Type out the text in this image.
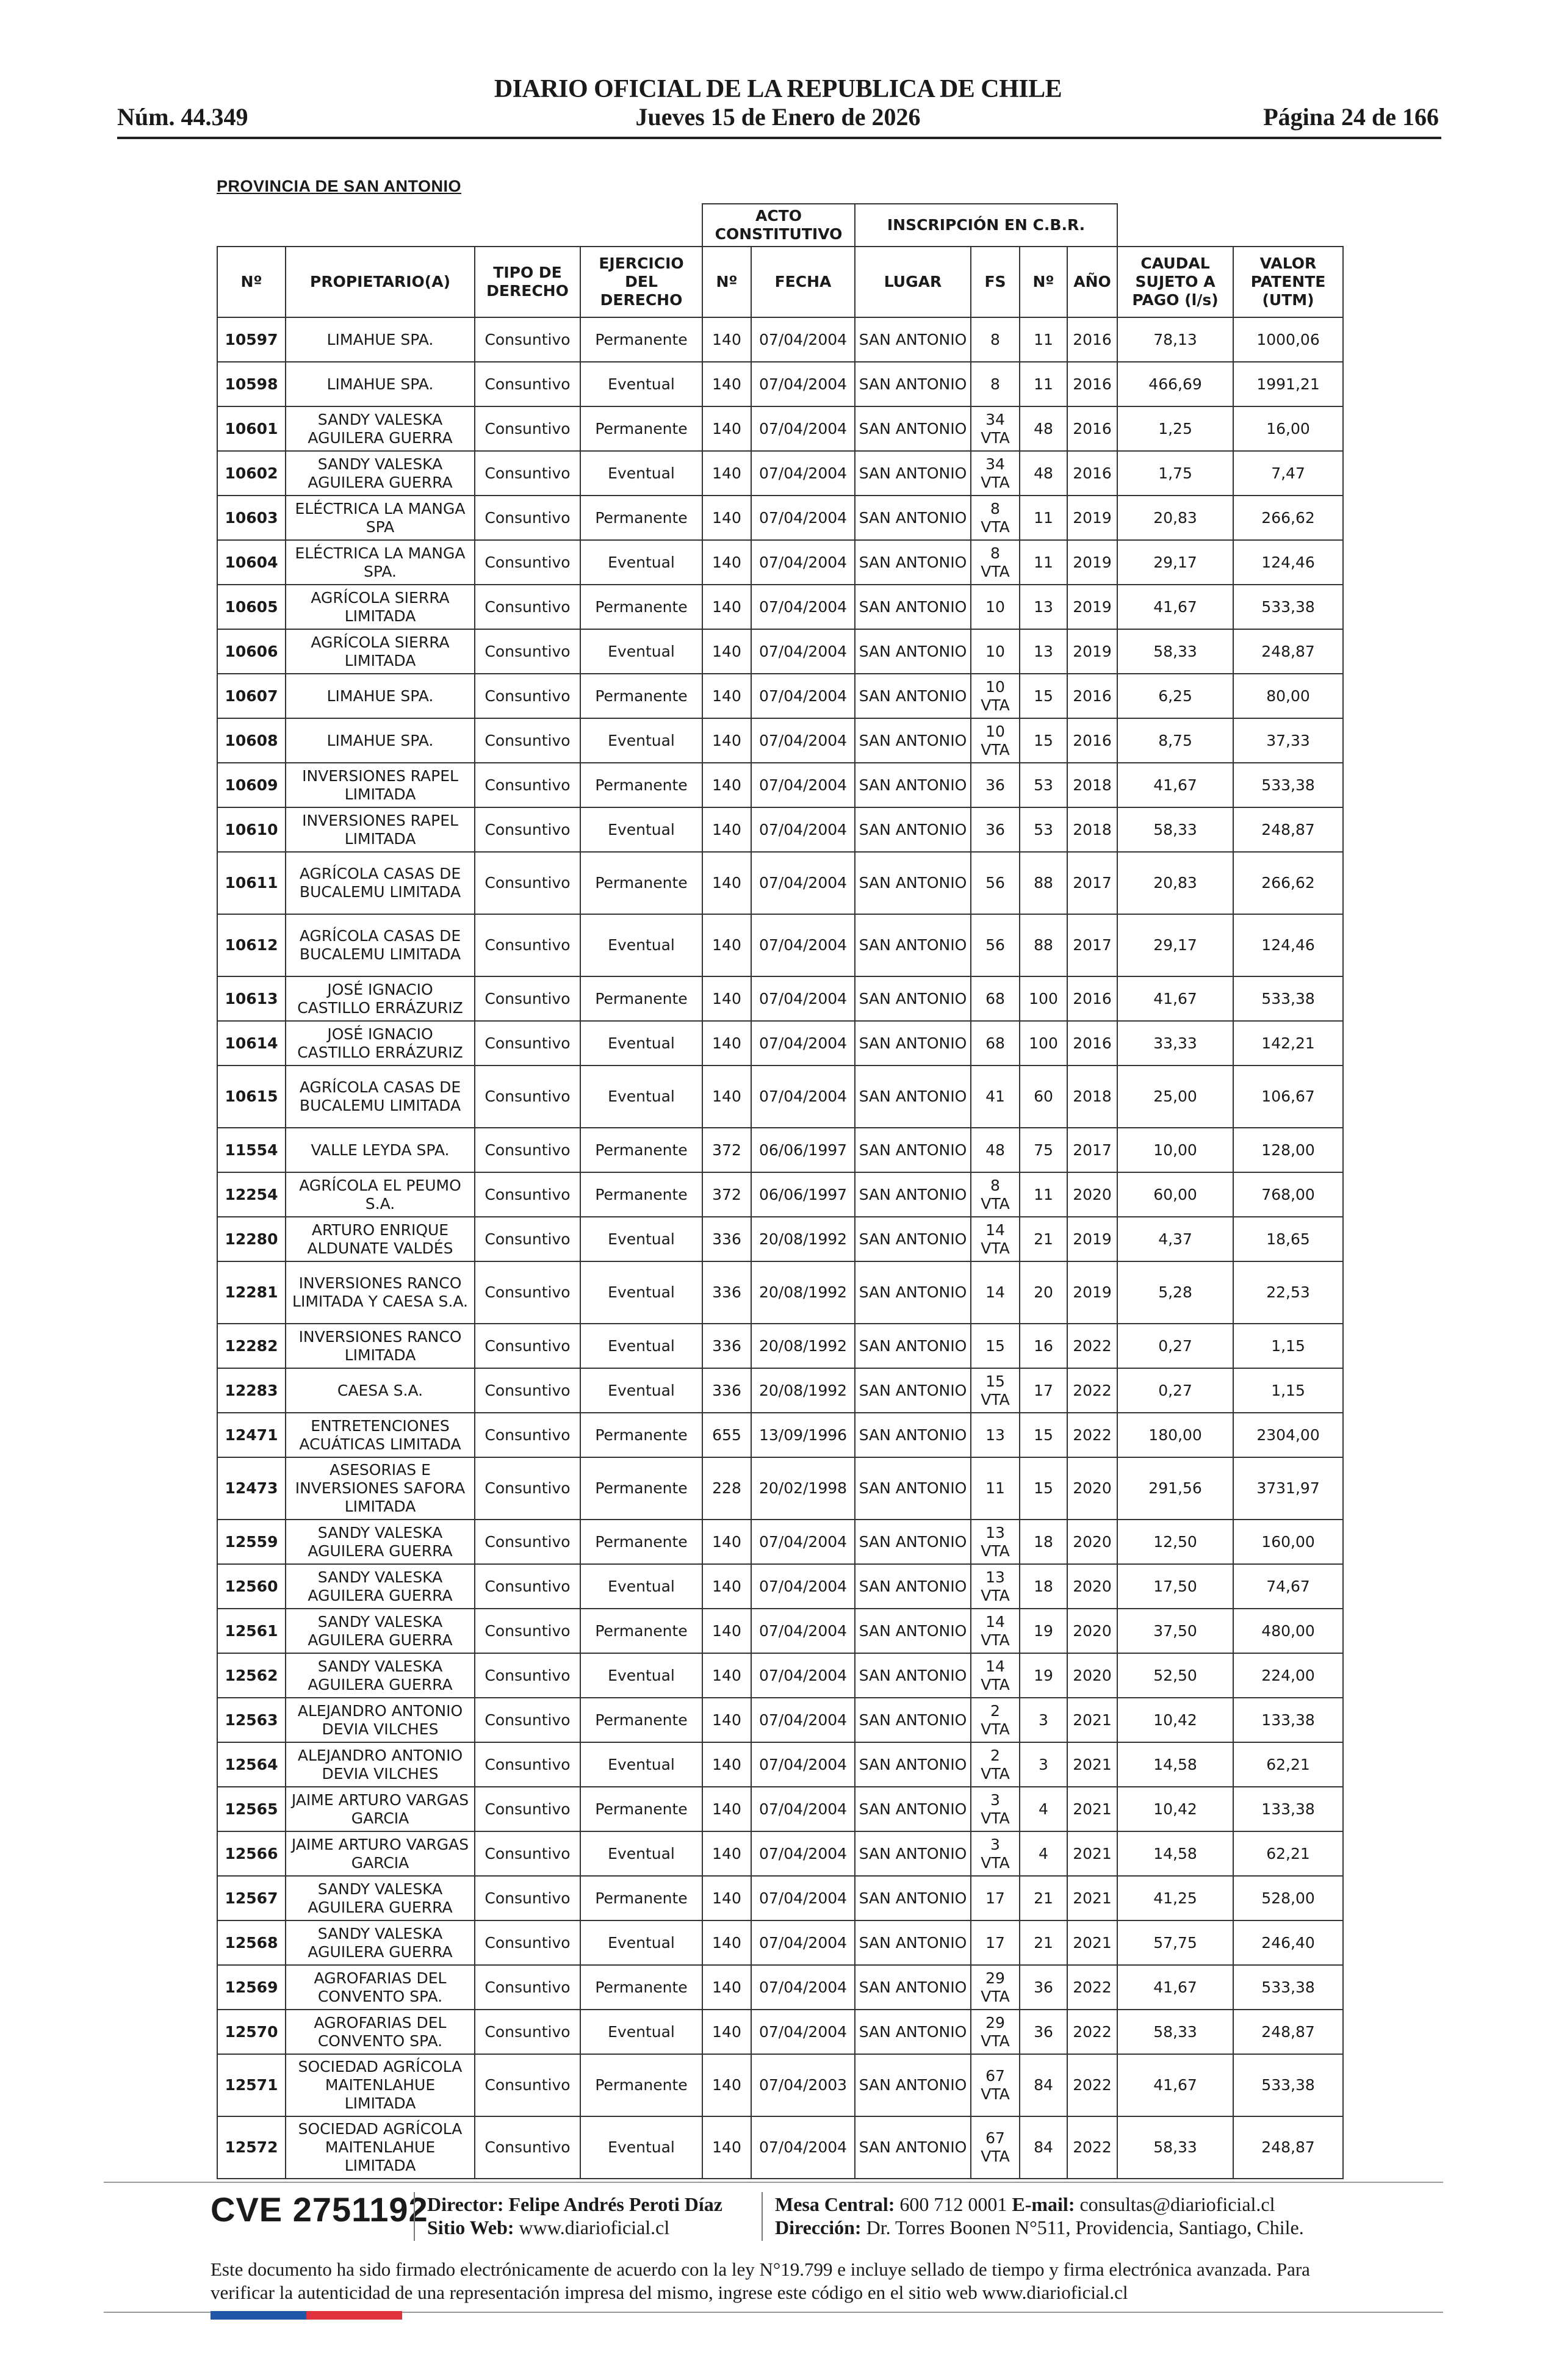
DIARIO OFICIAL DE LA REPUBLICA DE CHILE
Núm. 44.349	Jueves 15 de Enero de 2026	Página 24 de 166
PROVINCIA DE SAN ANTONIO
				ACTO CONSTITUTIVO		INSCRIPCIÓN EN C.B.R.					
Nº	PROPIETARIO(A)	TIPO DE DERECHO	EJERCICIO DEL DERECHO	Nº	FECHA	LUGAR	FS	Nº	AÑO	CAUDAL SUJETO A PAGO (l/s)	VALOR PATENTE (UTM)
10597	LIMAHUE SPA.	Consuntivo	Permanente	140	07/04/2004	SAN ANTONIO	8	11	2016	78,13	1000,06
10598	LIMAHUE SPA.	Consuntivo	Eventual	140	07/04/2004	SAN ANTONIO	8	11	2016	466,69	1991,21
10601	SANDY VALESKA AGUILERA GUERRA	Consuntivo	Permanente	140	07/04/2004	SAN ANTONIO	34 VTA	48	2016	1,25	16,00
10602	SANDY VALESKA AGUILERA GUERRA	Consuntivo	Eventual	140	07/04/2004	SAN ANTONIO	34 VTA	48	2016	1,75	7,47
10603	ELÉCTRICA LA MANGA SPA	Consuntivo	Permanente	140	07/04/2004	SAN ANTONIO	8 VTA	11	2019	20,83	266,62
10604	ELÉCTRICA LA MANGA SPA.	Consuntivo	Eventual	140	07/04/2004	SAN ANTONIO	8 VTA	11	2019	29,17	124,46
10605	AGRÍCOLA SIERRA LIMITADA	Consuntivo	Permanente	140	07/04/2004	SAN ANTONIO	10	13	2019	41,67	533,38
10606	AGRÍCOLA SIERRA LIMITADA	Consuntivo	Eventual	140	07/04/2004	SAN ANTONIO	10	13	2019	58,33	248,87
10607	LIMAHUE SPA.	Consuntivo	Permanente	140	07/04/2004	SAN ANTONIO	10 VTA	15	2016	6,25	80,00
10608	LIMAHUE SPA.	Consuntivo	Eventual	140	07/04/2004	SAN ANTONIO	10 VTA	15	2016	8,75	37,33
10609	INVERSIONES RAPEL LIMITADA	Consuntivo	Permanente	140	07/04/2004	SAN ANTONIO	36	53	2018	41,67	533,38
10610	INVERSIONES RAPEL LIMITADA	Consuntivo	Eventual	140	07/04/2004	SAN ANTONIO	36	53	2018	58,33	248,87
10611	AGRÍCOLA CASAS DE BUCALEMU LIMITADA	Consuntivo	Permanente	140	07/04/2004	SAN ANTONIO	56	88	2017	20,83	266,62
10612	AGRÍCOLA CASAS DE BUCALEMU LIMITADA	Consuntivo	Eventual	140	07/04/2004	SAN ANTONIO	56	88	2017	29,17	124,46
10613	JOSÉ IGNACIO CASTILLO ERRÁZURIZ	Consuntivo	Permanente	140	07/04/2004	SAN ANTONIO	68	100	2016	41,67	533,38
10614	JOSÉ IGNACIO CASTILLO ERRÁZURIZ	Consuntivo	Eventual	140	07/04/2004	SAN ANTONIO	68	100	2016	33,33	142,21
10615	AGRÍCOLA CASAS DE BUCALEMU LIMITADA	Consuntivo	Eventual	140	07/04/2004	SAN ANTONIO	41	60	2018	25,00	106,67
11554	VALLE LEYDA SPA.	Consuntivo	Permanente	372	06/06/1997	SAN ANTONIO	48	75	2017	10,00	128,00
12254	AGRÍCOLA EL PEUMO S.A.	Consuntivo	Permanente	372	06/06/1997	SAN ANTONIO	8 VTA	11	2020	60,00	768,00
12280	ARTURO ENRIQUE ALDUNATE VALDÉS	Consuntivo	Eventual	336	20/08/1992	SAN ANTONIO	14 VTA	21	2019	4,37	18,65
12281	INVERSIONES RANCO LIMITADA Y CAESA S.A.	Consuntivo	Eventual	336	20/08/1992	SAN ANTONIO	14	20	2019	5,28	22,53
12282	INVERSIONES RANCO LIMITADA	Consuntivo	Eventual	336	20/08/1992	SAN ANTONIO	15	16	2022	0,27	1,15
12283	CAESA S.A.	Consuntivo	Eventual	336	20/08/1992	SAN ANTONIO	15 VTA	17	2022	0,27	1,15
12471	ENTRETENCIONES ACUÁTICAS LIMITADA	Consuntivo	Permanente	655	13/09/1996	SAN ANTONIO	13	15	2022	180,00	2304,00
12473	ASESORIAS E INVERSIONES SAFORA LIMITADA	Consuntivo	Permanente	228	20/02/1998	SAN ANTONIO	11	15	2020	291,56	3731,97
12559	SANDY VALESKA AGUILERA GUERRA	Consuntivo	Permanente	140	07/04/2004	SAN ANTONIO	13 VTA	18	2020	12,50	160,00
12560	SANDY VALESKA AGUILERA GUERRA	Consuntivo	Eventual	140	07/04/2004	SAN ANTONIO	13 VTA	18	2020	17,50	74,67
12561	SANDY VALESKA AGUILERA GUERRA	Consuntivo	Permanente	140	07/04/2004	SAN ANTONIO	14 VTA	19	2020	37,50	480,00
12562	SANDY VALESKA AGUILERA GUERRA	Consuntivo	Eventual	140	07/04/2004	SAN ANTONIO	14 VTA	19	2020	52,50	224,00
12563	ALEJANDRO ANTONIO DEVIA VILCHES	Consuntivo	Permanente	140	07/04/2004	SAN ANTONIO	2 VTA	3	2021	10,42	133,38
12564	ALEJANDRO ANTONIO DEVIA VILCHES	Consuntivo	Eventual	140	07/04/2004	SAN ANTONIO	2 VTA	3	2021	14,58	62,21
12565	JAIME ARTURO VARGAS GARCIA	Consuntivo	Permanente	140	07/04/2004	SAN ANTONIO	3 VTA	4	2021	10,42	133,38
12566	JAIME ARTURO VARGAS GARCIA	Consuntivo	Eventual	140	07/04/2004	SAN ANTONIO	3 VTA	4	2021	14,58	62,21
12567	SANDY VALESKA AGUILERA GUERRA	Consuntivo	Permanente	140	07/04/2004	SAN ANTONIO	17	21	2021	41,25	528,00
12568	SANDY VALESKA AGUILERA GUERRA	Consuntivo	Eventual	140	07/04/2004	SAN ANTONIO	17	21	2021	57,75	246,40
12569	AGROFARIAS DEL CONVENTO SPA.	Consuntivo	Permanente	140	07/04/2004	SAN ANTONIO	29 VTA	36	2022	41,67	533,38
12570	AGROFARIAS DEL CONVENTO SPA.	Consuntivo	Eventual	140	07/04/2004	SAN ANTONIO	29 VTA	36	2022	58,33	248,87
12571	SOCIEDAD AGRÍCOLA MAITENLAHUE LIMITADA	Consuntivo	Permanente	140	07/04/2003	SAN ANTONIO	67 VTA	84	2022	41,67	533,38
12572	SOCIEDAD AGRÍCOLA MAITENLAHUE LIMITADA	Consuntivo	Eventual	140	07/04/2004	SAN ANTONIO	67 VTA	84	2022	58,33	248,87
CVE 2751192
Director: Felipe Andrés Peroti Díaz
Sitio Web: www.diarioficial.cl
Mesa Central: 600 712 0001 E-mail: consultas@diarioficial.cl
Dirección: Dr. Torres Boonen N°511, Providencia, Santiago, Chile.
Este documento ha sido firmado electrónicamente de acuerdo con la ley N°19.799 e incluye sellado de tiempo y firma electrónica avanzada. Para verificar la autenticidad de una representación impresa del mismo, ingrese este código en el sitio web www.diarioficial.cl
